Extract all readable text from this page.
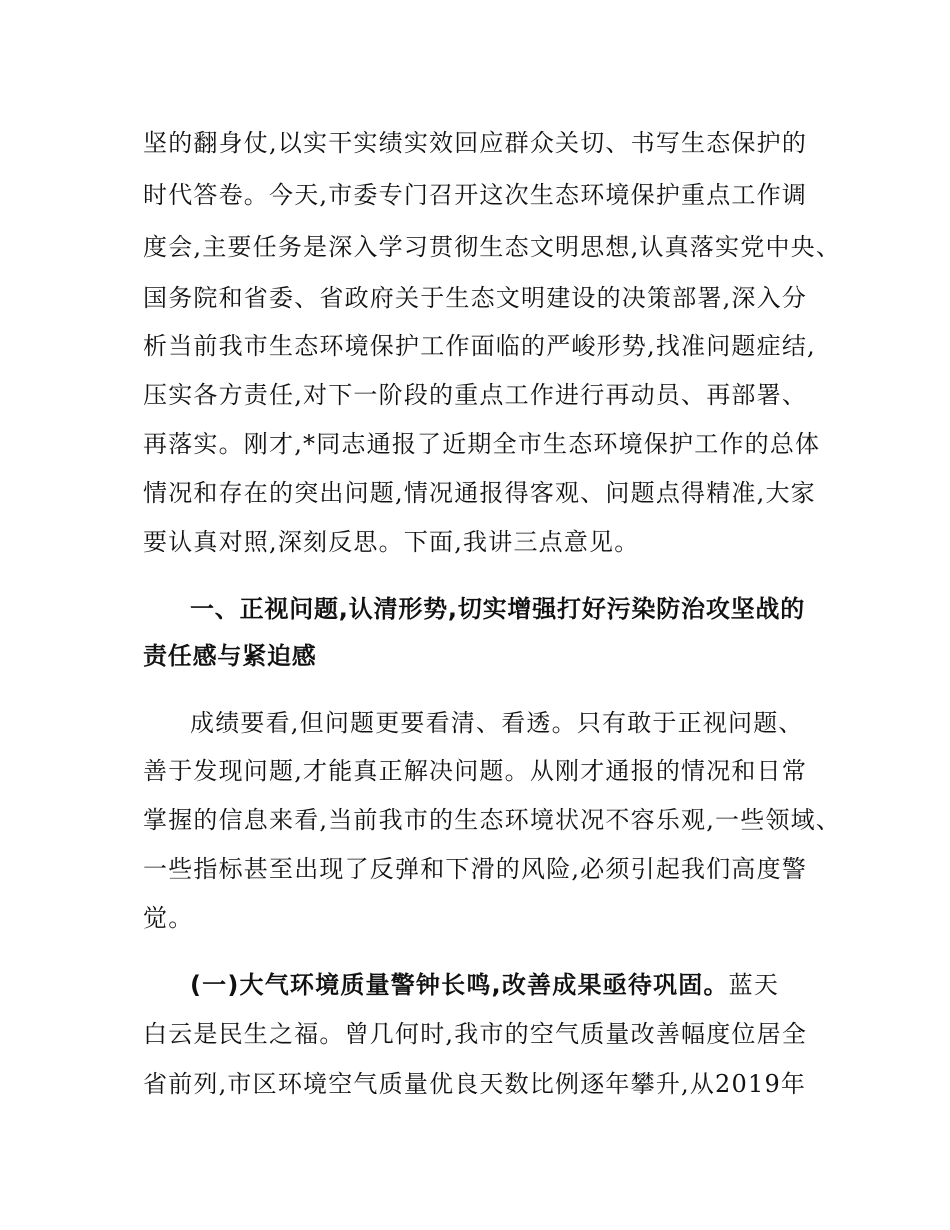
坚的翻身仗,以实干实绩实效回应群众关切、书写生态保护的
时代答卷。今天,市委专门召开这次生态环境保护重点工作调
度会,主要任务是深入学习贯彻生态文明思想,认真落实党中央、
国务院和省委、省政府关于生态文明建设的决策部署,深入分
析当前我市生态环境保护工作面临的严峻形势,找准问题症结,
压实各方责任,对下一阶段的重点工作进行再动员、再部署、
再落实。刚才,*同志通报了近期全市生态环境保护工作的总体
情况和存在的突出问题,情况通报得客观、问题点得精准,大家
要认真对照,深刻反思。下面,我讲三点意见。
一、正视问题,认清形势,切实增强打好污染防治攻坚战的
责任感与紧迫感
成绩要看,但问题更要看清、看透。只有敢于正视问题、
善于发现问题,才能真正解决问题。从刚才通报的情况和日常
掌握的信息来看,当前我市的生态环境状况不容乐观,一些领域、
一些指标甚至出现了反弹和下滑的风险,必须引起我们高度警
觉。
(一)大气环境质量警钟长鸣,改善成果亟待巩固。蓝天
白云是民生之福。曾几何时,我市的空气质量改善幅度位居全
省前列,市区环境空气质量优良天数比例逐年攀升,从2019年
